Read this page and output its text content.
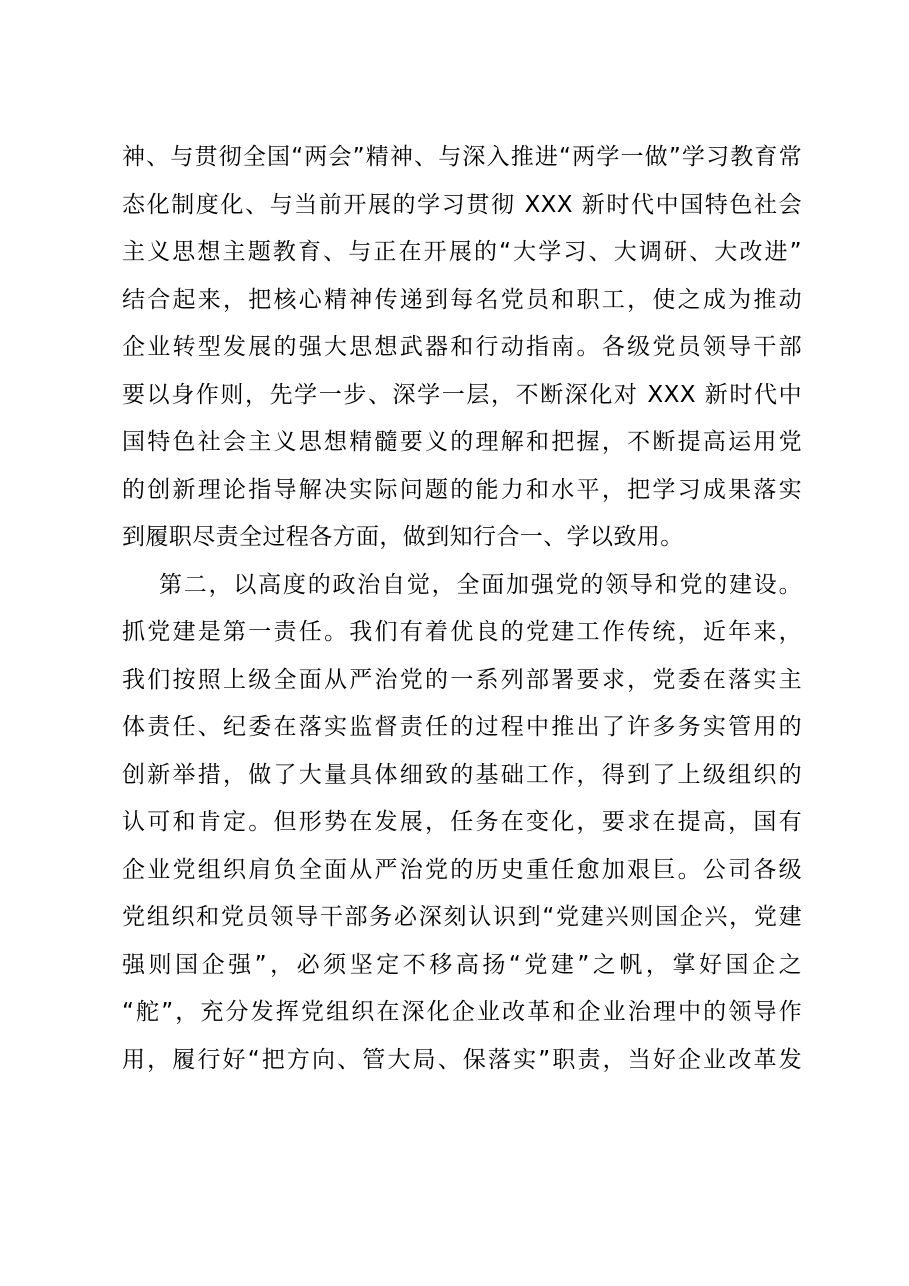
神、与贯彻全国“两会”精神、与深入推进“两学一做”学习教育常
态化制度化、与当前开展的学习贯彻 XXX 新时代中国特色社会
主义思想主题教育、与正在开展的“大学习、大调研、大改进”
结合起来，把核心精神传递到每名党员和职工，使之成为推动
企业转型发展的强大思想武器和行动指南。各级党员领导干部
要以身作则，先学一步、深学一层，不断深化对 XXX 新时代中
国特色社会主义思想精髓要义的理解和把握，不断提高运用党
的创新理论指导解决实际问题的能力和水平，把学习成果落实
到履职尽责全过程各方面，做到知行合一、学以致用。
第二，以高度的政治自觉，全面加强党的领导和党的建设。
抓党建是第一责任。我们有着优良的党建工作传统，近年来，
我们按照上级全面从严治党的一系列部署要求，党委在落实主
体责任、纪委在落实监督责任的过程中推出了许多务实管用的
创新举措，做了大量具体细致的基础工作，得到了上级组织的
认可和肯定。但形势在发展，任务在变化，要求在提高，国有
企业党组织肩负全面从严治党的历史重任愈加艰巨。公司各级
党组织和党员领导干部务必深刻认识到“党建兴则国企兴，党建
强则国企强”，必须坚定不移高扬“党建”之帆，掌好国企之
“舵”，充分发挥党组织在深化企业改革和企业治理中的领导作
用，履行好“把方向、管大局、保落实”职责，当好企业改革发
